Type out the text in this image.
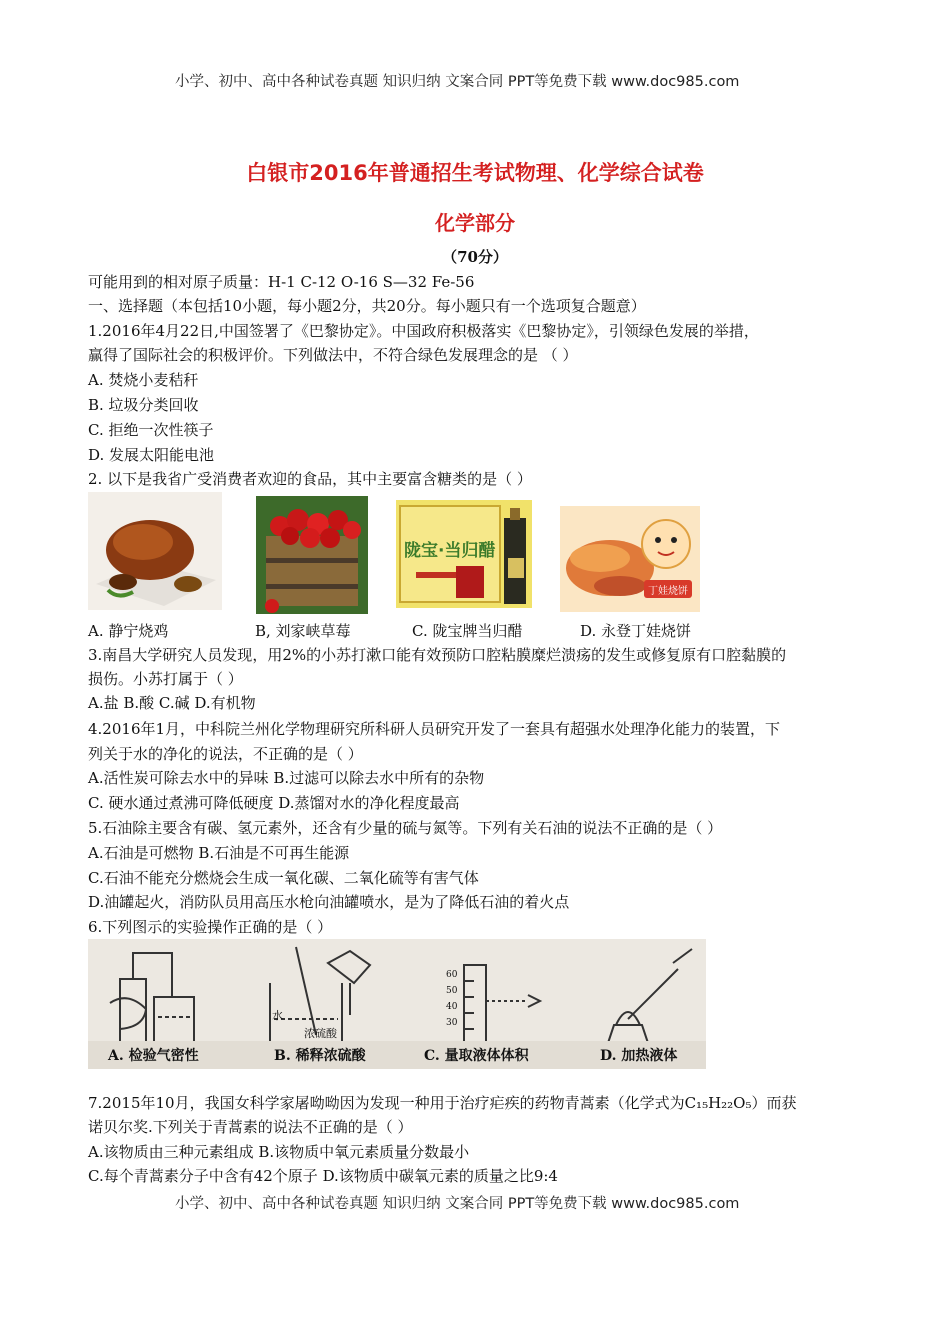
小学、初中、高中各种试卷真题 知识归纳 文案合同 PPT等免费下载 www.doc985.com
白银市2016年普通招生考试物理、化学综合试卷
化学部分
（70分）
可能用到的相对原子质量：H-1 C-12 O-16 S—32 Fe-56
一、选择题（本包括10小题，每小题2分，共20分。每小题只有一个选项复合题意）
1.2016年4月22日,中国签署了《巴黎协定》。中国政府积极落实《巴黎协定》，引领绿色发展的举措，
赢得了国际社会的积极评价。下列做法中，不符合绿色发展理念的是 （ ）
A. 焚烧小麦秸秆
B. 垃圾分类回收
C. 拒绝一次性筷子
D. 发展太阳能电池
2. 以下是我省广受消费者欢迎的食品，其中主要富含糖类的是（ ）
陇宝·当归醋
丁娃烧饼
A. 静宁烧鸡	B, 刘家峡草莓	C. 陇宝牌当归醋	D. 永登丁娃烧饼
3.南昌大学研究人员发现，用2%的小苏打漱口能有效预防口腔粘膜糜烂溃疡的发生或修复原有口腔黏膜的
损伤。小苏打属于（ ）
A.盐 B.酸 C.碱 D.有机物
4.2016年1月，中科院兰州化学物理研究所科研人员研究开发了一套具有超强水处理净化能力的装置，下
列关于水的净化的说法，不正确的是（ ）
A.活性炭可除去水中的异味 B.过滤可以除去水中所有的杂物
C. 硬水通过煮沸可降低硬度 D.蒸馏对水的净化程度最高
5.石油除主要含有碳、氢元素外，还含有少量的硫与氮等。下列有关石油的说法不正确的是（ ）
A.石油是可燃物 B.石油是不可再生能源
C.石油不能充分燃烧会生成一氧化碳、二氧化硫等有害气体
D.油罐起火，消防队员用高压水枪向油罐喷水，是为了降低石油的着火点
6.下列图示的实验操作正确的是（ ）
水
浓硫酸
60
50
40
30
A. 检验气密性	B. 稀释浓硫酸	C. 量取液体体积	D. 加热液体
7.2015年10月，我国女科学家屠呦呦因为发现一种用于治疗疟疾的药物青蒿素（化学式为C₁₅H₂₂O₅）而获
诺贝尔奖.下列关于青蒿素的说法不正确的是（ ）
A.该物质由三种元素组成 B.该物质中氧元素质量分数最小
C.每个青蒿素分子中含有42个原子 D.该物质中碳氧元素的质量之比9:4
小学、初中、高中各种试卷真题 知识归纳 文案合同 PPT等免费下载 www.doc985.com
